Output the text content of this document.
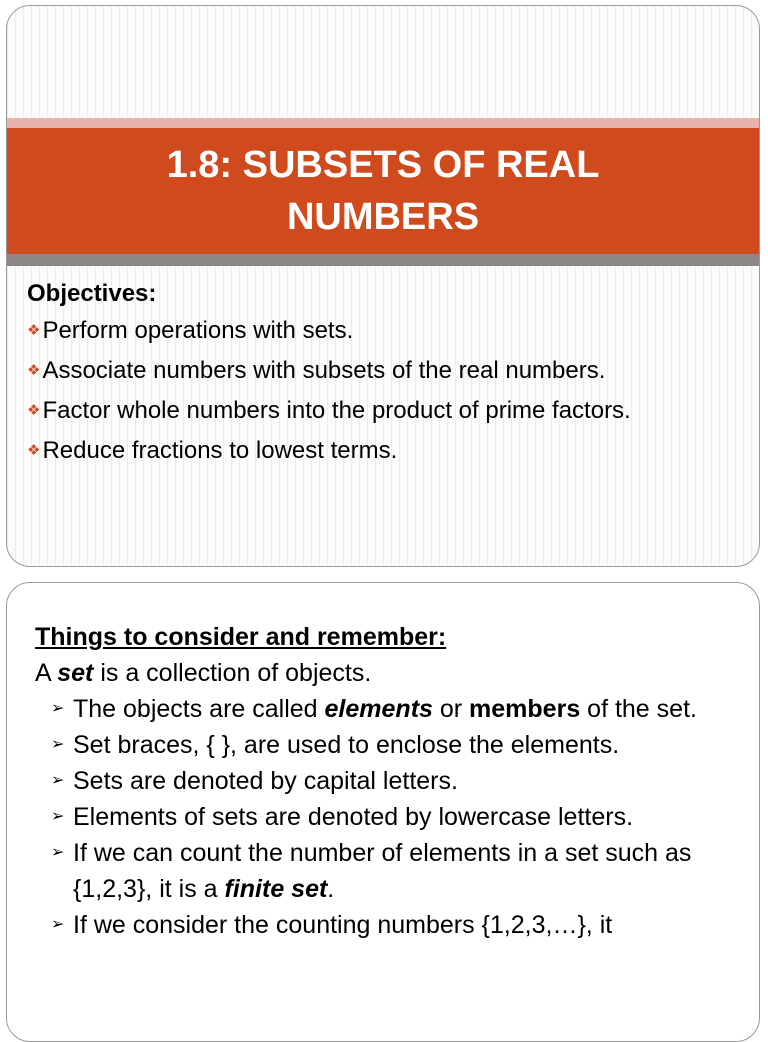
1.8: SUBSETS OF REAL NUMBERS
Objectives:
❖Perform operations with sets.
❖Associate numbers with subsets of the real numbers.
❖Factor whole numbers into the product of prime factors.
❖Reduce fractions to lowest terms.
Things to consider and remember:
A set is a collection of objects.
➢ The objects are called elements or members of the set.
➢ Set braces, { }, are used to enclose the elements.
➢ Sets are denoted by capital letters.
➢ Elements of sets are denoted by lowercase letters.
➢ If we can count the number of elements in a set such as {1,2,3}, it is a finite set.
➢ If we consider the counting numbers {1,2,3,…}, it
